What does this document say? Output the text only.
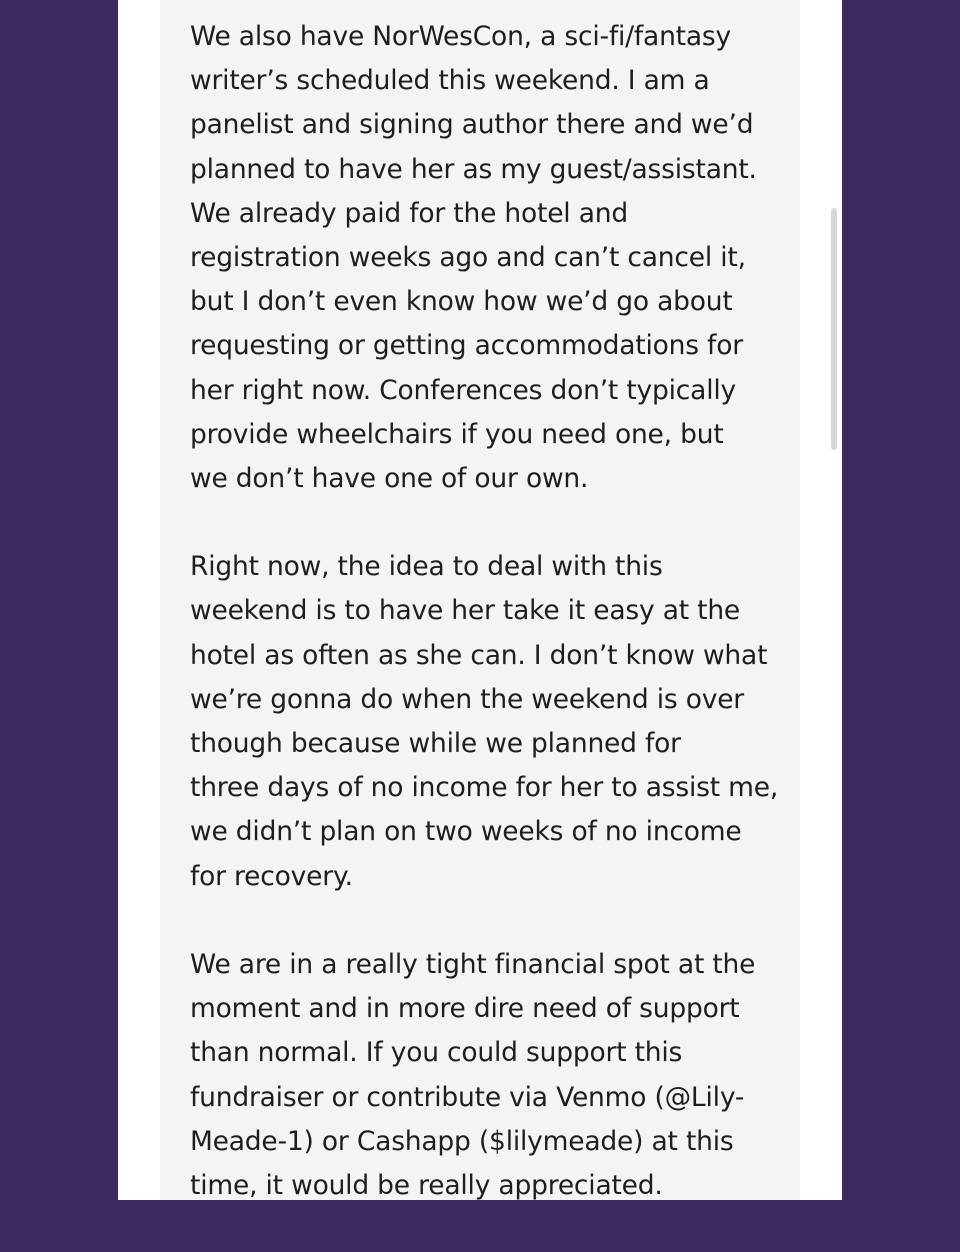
We also have NorWesCon, a sci-fi/fantasy
writer’s scheduled this weekend. I am a
panelist and signing author there and we’d
planned to have her as my guest/assistant.
We already paid for the hotel and
registration weeks ago and can’t cancel it,
but I don’t even know how we’d go about
requesting or getting accommodations for
her right now. Conferences don’t typically
provide wheelchairs if you need one, but
we don’t have one of our own.

Right now, the idea to deal with this
weekend is to have her take it easy at the
hotel as often as she can. I don’t know what
we’re gonna do when the weekend is over
though because while we planned for
three days of no income for her to assist me,
we didn’t plan on two weeks of no income
for recovery.

We are in a really tight financial spot at the
moment and in more dire need of support
than normal. If you could support this
fundraiser or contribute via Venmo (@Lily-
Meade-1) or Cashapp ($lilymeade) at this
time, it would be really appreciated.
